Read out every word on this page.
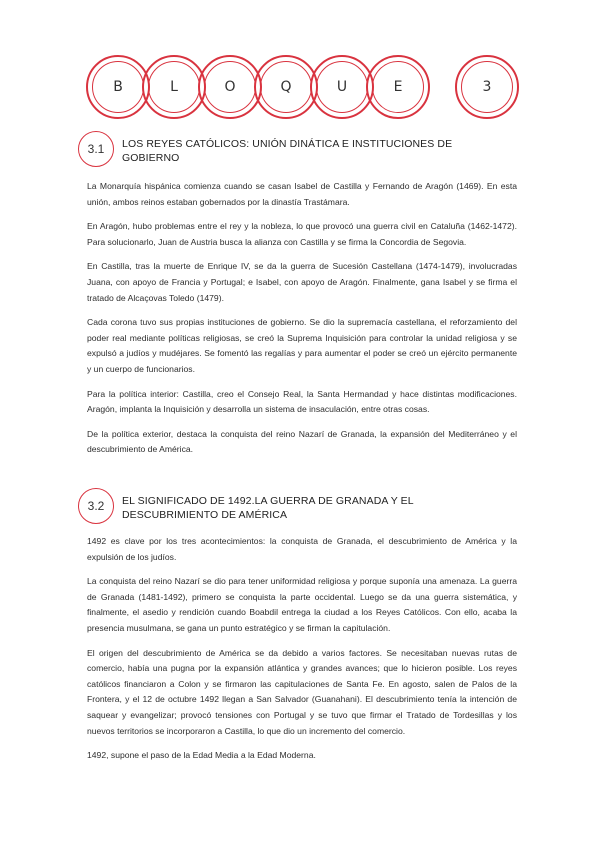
B	L	O	Q	U	E	3
3.1	LOS REYES CATÓLICOS: UNIÓN DINÁTICA E INSTITUCIONES DE GOBIERNO

La Monarquía hispánica comienza cuando se casan Isabel de Castilla y Fernando de Aragón (1469). En esta unión, ambos reinos estaban gobernados por la dinastía Trastámara.

En Aragón, hubo problemas entre el rey y la nobleza, lo que provocó una guerra civil en Cataluña (1462-1472). Para solucionarlo, Juan de Austria busca la alianza con Castilla y se firma la Concordia de Segovia.

En Castilla, tras la muerte de Enrique IV, se da la guerra de Sucesión Castellana (1474-1479), involucradas Juana, con apoyo de Francia y Portugal; e Isabel, con apoyo de Aragón. Finalmente, gana Isabel y se firma el tratado de Alcaçovas Toledo (1479).

Cada corona tuvo sus propias instituciones de gobierno. Se dio la supremacía castellana, el reforzamiento del poder real mediante políticas religiosas, se creó la Suprema Inquisición para controlar la unidad religiosa y se expulsó a judíos y mudéjares. Se fomentó las regalías y para aumentar el poder se creó un ejército permanente y un cuerpo de funcionarios.

Para la política interior: Castilla, creo el Consejo Real, la Santa Hermandad y hace distintas modificaciones. Aragón, implanta la Inquisición y desarrolla un sistema de insaculación, entre otras cosas.

De la política exterior, destaca la conquista del reino Nazarí de Granada, la expansión del Mediterráneo y el descubrimiento de América.

3.2	EL SIGNIFICADO DE 1492.LA GUERRA DE GRANADA Y EL DESCUBRIMIENTO DE AMÉRICA

1492 es clave por los tres acontecimientos: la conquista de Granada, el descubrimiento de América y la expulsión de los judíos.

La conquista del reino Nazarí se dio para tener uniformidad religiosa y porque suponía una amenaza. La guerra de Granada (1481-1492), primero se conquista la parte occidental. Luego se da una guerra sistemática, y finalmente, el asedio y rendición cuando Boabdil entrega la ciudad a los Reyes Católicos. Con ello, acaba la presencia musulmana, se gana un punto estratégico y se firman la capitulación.

El origen del descubrimiento de América se da debido a varios factores. Se necesitaban nuevas rutas de comercio, había una pugna por la expansión atlántica y grandes avances; que lo hicieron posible. Los reyes católicos financiaron a Colon y se firmaron las capitulaciones de Santa Fe. En agosto, salen de Palos de la Frontera, y el 12 de octubre 1492 llegan a San Salvador (Guanahani). El descubrimiento tenía la intención de saquear y evangelizar; provocó tensiones con Portugal y se tuvo que firmar el Tratado de Tordesillas y los nuevos territorios se incorporaron a Castilla, lo que dio un incremento del comercio.

1492, supone el paso de la Edad Media a la Edad Moderna.
